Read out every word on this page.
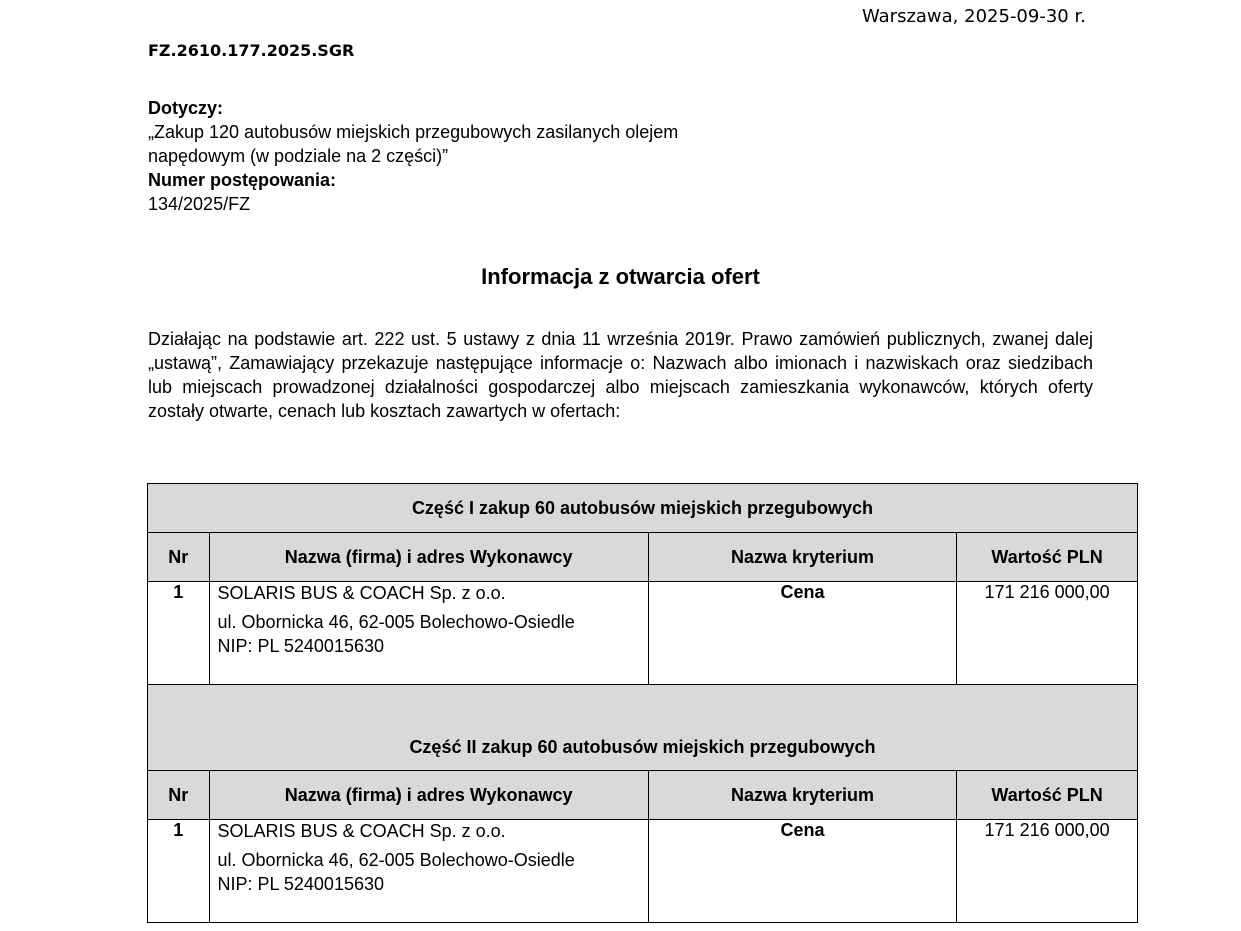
Warszawa, 2025-09-30 r.
FZ.2610.177.2025.SGR
Dotyczy:
„Zakup 120 autobusów miejskich przegubowych zasilanych olejem
napędowym (w podziale na 2 części)”
Numer postępowania:
134/2025/FZ
Informacja z otwarcia ofert
Działając na podstawie art. 222 ust. 5 ustawy z dnia 11 września 2019r. Prawo zamówień publicznych, zwanej dalej „ustawą”, Zamawiający przekazuje następujące informacje o: Nazwach albo imionach i nazwiskach oraz siedzibach lub miejscach prowadzonej działalności gospodarczej albo miejscach zamieszkania wykonawców, których oferty zostały otwarte, cenach lub kosztach zawartych w ofertach:
Część I zakup 60 autobusów miejskich przegubowych			
Nr	Nazwa (firma) i adres Wykonawcy	Nazwa kryterium	Wartość PLN
1	SOLARIS BUS & COACH Sp. z o.o.
ul. Obornicka 46, 62-005 Bolechowo-Osiedle
NIP: PL 5240015630	Cena	171 216 000,00
Część II zakup 60 autobusów miejskich przegubowych			
Nr	Nazwa (firma) i adres Wykonawcy	Nazwa kryterium	Wartość PLN
1	SOLARIS BUS & COACH Sp. z o.o.
ul. Obornicka 46, 62-005 Bolechowo-Osiedle
NIP: PL 5240015630	Cena	171 216 000,00
